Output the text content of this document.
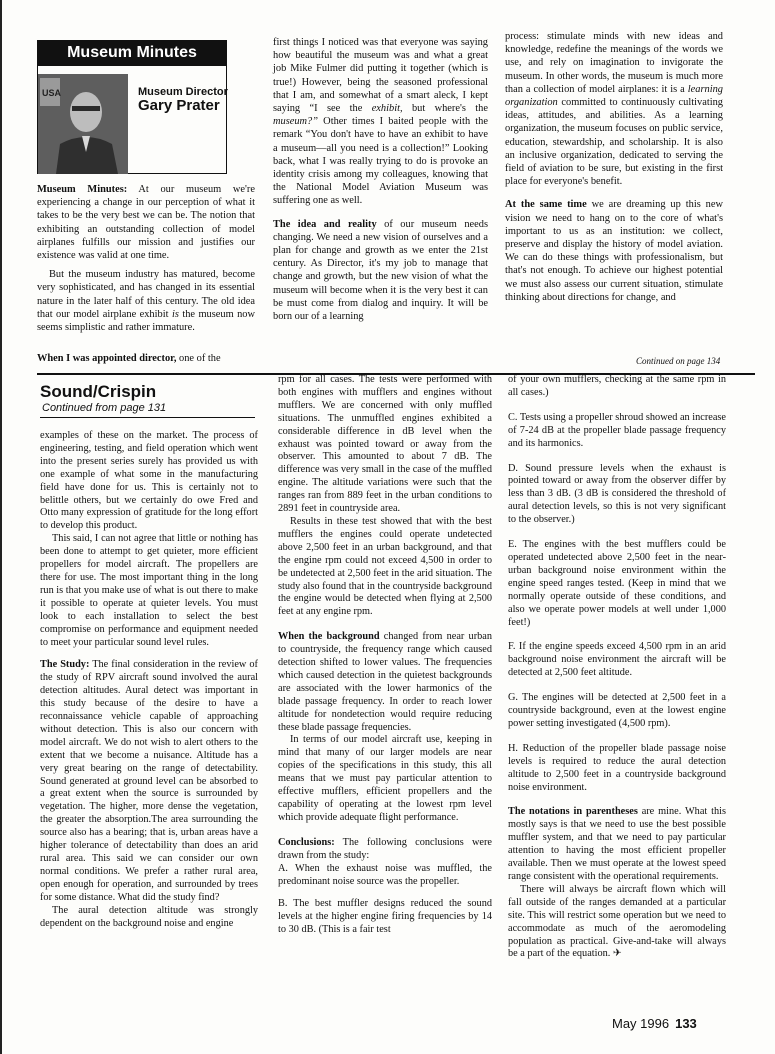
Museum Minutes
USA	Museum Director
Gary Prater

Museum Minutes: At our museum we're experiencing a change in our perception of what it takes to be the very best we can be. The notion that exhibiting an outstanding collection of model airplanes fulfills our mission and justifies our existence was valid at one time.

But the museum industry has matured, become very sophisticated, and has changed in its essential nature in the later half of this century. The old idea that our model airplane exhibit is the museum now seems simplistic and rather immature.

When I was appointed director, one of the

first things I noticed was that everyone was saying how beautiful the museum was and what a great job Mike Fulmer did putting it together (which is true!) However, being the seasoned professional that I am, and somewhat of a smart aleck, I kept saying “I see the exhibit, but where's the museum?” Other times I baited people with the remark “You don't have to have an exhibit to have a museum—all you need is a collection!” Looking back, what I was really trying to do is provoke an identity crisis among my colleagues, knowing that the National Model Aviation Museum was suffering one as well.

The idea and reality of our museum needs changing. We need a new vision of ourselves and a plan for change and growth as we enter the 21st century. As Director, it's my job to manage that change and growth, but the new vision of what the museum will become when it is the very best it can be must come from dialog and inquiry. It will be born our of a learning

process: stimulate minds with new ideas and knowledge, redefine the meanings of the words we use, and rely on imagination to invigorate the museum. In other words, the museum is much more than a collection of model airplanes: it is a learning organization committed to continuously cultivating ideas, attitudes, and abilities. As a learning organization, the museum focuses on public service, education, stewardship, and scholarship. It is also an inclusive organization, dedicated to serving the field of aviation to be sure, but existing in the first place for everyone's benefit.

At the same time we are dreaming up this new vision we need to hang on to the core of what's important to us as an institution: we collect, preserve and display the history of model aviation. We can do these things with professionalism, but that's not enough. To achieve our highest potential we must also assess our current situation, stimulate thinking about directions for change, and

Continued on page 134
Sound/Crispin
Continued from page 131

examples of these on the market. The process of engineering, testing, and field operation which went into the present series surely has provided us with one example of what some in the manufacturing field have done for us. This is certainly not to belittle others, but we certainly do owe Fred and Otto many expression of gratitude for the long effort to develop this product.

This said, I can not agree that little or nothing has been done to attempt to get quieter, more efficient propellers for model aircraft. The propellers are there for use. The most important thing in the long run is that you make use of what is out there to make it possible to operate at quieter levels. You must look to each installation to select the best compromise on performance and equipment needed to meet your particular sound level rules.

The Study: The final consideration in the review of the study of RPV aircraft sound involved the aural detection altitudes. Aural detect was important in this study because of the desire to have a reconnaissance vehicle capable of approaching without detection. This is also our concern with model aircraft. We do not wish to alert others to the extent that we become a nuisance. Altitude has a very great bearing on the range of detectability. Sound generated at ground level can be absorbed to a great extent when the source is surrounded by vegetation. The higher, more dense the vegetation, the greater the absorption.The area surrounding the source also has a bearing; that is, urban areas have a higher tolerance of detectability than does an arid rural area. This said we can consider our own normal conditions. We prefer a rather rural area, open enough for operation, and surrounded by trees for some distance. What did the study find?

The aural detection altitude was strongly dependent on the background noise and engine

rpm for all cases. The tests were performed with both engines with mufflers and engines without mufflers. We are concerned with only muffled situations. The unmuffled engines exhibited a considerable difference in dB level when the exhaust was pointed toward or away from the observer. This amounted to about 7 dB. The difference was very small in the case of the muffled engine. The altitude variations were such that the ranges ran from 889 feet in the urban conditions to 2891 feet in countryside area.

Results in these test showed that with the best mufflers the engines could operate undetected above 2,500 feet in an urban background, and that the engine rpm could not exceed 4,500 in order to be undetected at 2,500 feet in the arid situation. The study also found that in the countryside background the engine would be detected when flying at 2,500 feet at any engine rpm.

When the background changed from near urban to countryside, the frequency range which caused detection shifted to lower values. The frequencies which caused detection in the quietest backgrounds are associated with the lower harmonics of the blade passage frequency. In order to reach lower altitude for nondetection would require reducing these blade passage frequencies.

In terms of our model aircraft use, keeping in mind that many of our larger models are near copies of the specifications in this study, this all means that we must pay particular attention to effective mufflers, efficient propellers and the capability of operating at the lowest rpm level which provide adequate flight performance.

Conclusions: The following conclusions were drawn from the study:

A. When the exhaust noise was muffled, the predominant noise source was the propeller.

B. The best muffler designs reduced the sound levels at the higher engine firing frequencies by 14 to 30 dB. (This is a fair test

of your own mufflers, checking at the same rpm in all cases.)

C. Tests using a propeller shroud showed an increase of 7-24 dB at the propeller blade passage frequency and its harmonics.

D. Sound pressure levels when the exhaust is pointed toward or away from the observer differ by less than 3 dB. (3 dB is considered the threshold of aural detection levels, so this is not very significant to the observer.)

E. The engines with the best mufflers could be operated undetected above 2,500 feet in the near-urban background noise environment within the engine speed ranges tested. (Keep in mind that we normally operate outside of these conditions, and also we operate power models at well under 1,000 feet!)

F. If the engine speeds exceed 4,500 rpm in an arid background noise environment the aircraft will be detected at 2,500 feet altitude.

G. The engines will be detected at 2,500 feet in a countryside background, even at the lowest engine power setting investigated (4,500 rpm).

H. Reduction of the propeller blade passage noise levels is required to reduce the aural detection altitude to 2,500 feet in a countryside background noise environment.

The notations in parentheses are mine. What this mostly says is that we need to use the best possible muffler system, and that we need to pay particular attention to having the most efficient propeller available. Then we must operate at the lowest speed range consistent with the operational requirements.

There will always be aircraft flown which will fall outside of the ranges demanded at a particular site. This will restrict some operation but we need to accommodate as much of the aeromodeling population as practical. Give-and-take will always be a part of the equation. ✈

May 1996 133
